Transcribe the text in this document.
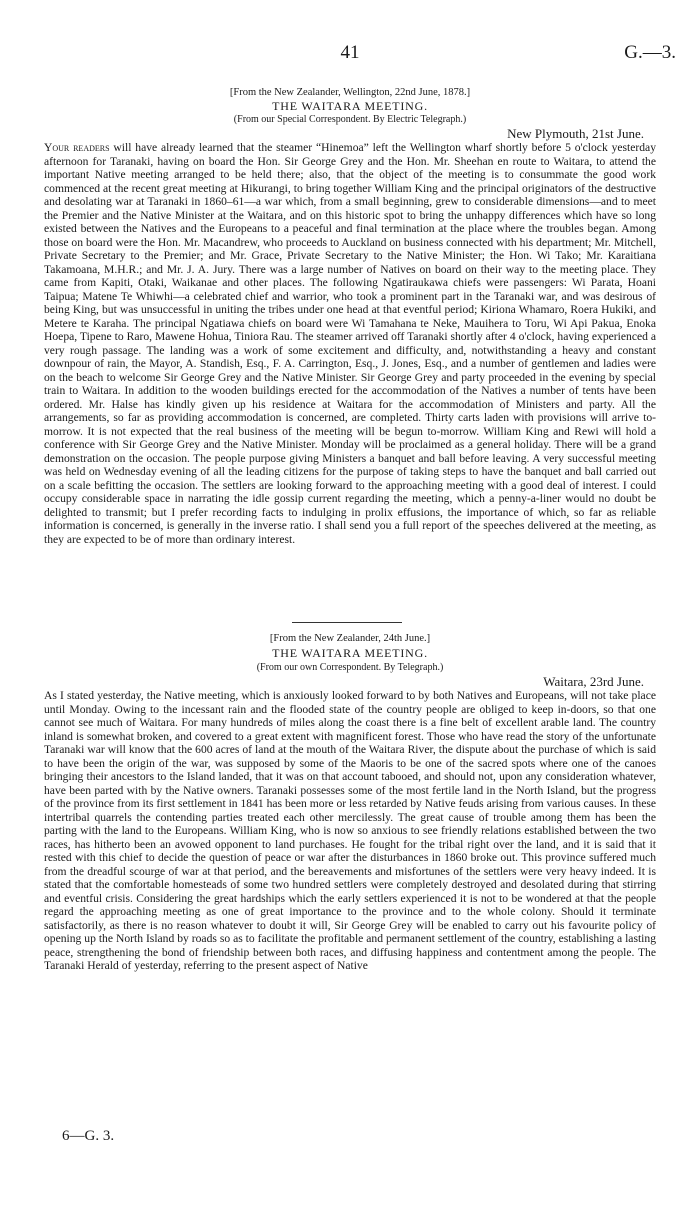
41	G.—3.
[From the New Zealander, Wellington, 22nd June, 1878.]
THE WAITARA MEETING.
(From our Special Correspondent. By Electric Telegraph.)
New Plymouth, 21st June.
Your readers will have already learned that the steamer “Hinemoa” left the Wellington wharf shortly before 5 o'clock yesterday afternoon for Taranaki, having on board the Hon. Sir George Grey and the Hon. Mr. Sheehan en route to Waitara, to attend the important Native meeting arranged to be held there; also, that the object of the meeting is to consummate the good work commenced at the recent great meeting at Hikurangi, to bring together William King and the principal originators of the destructive and desolating war at Taranaki in 1860–61—a war which, from a small beginning, grew to considerable dimensions—and to meet the Premier and the Native Minister at the Waitara, and on this historic spot to bring the unhappy differences which have so long existed between the Natives and the Europeans to a peaceful and final termination at the place where the troubles began. Among those on board were the Hon. Mr. Macandrew, who proceeds to Auckland on business connected with his department; Mr. Mitchell, Private Secretary to the Premier; and Mr. Grace, Private Secretary to the Native Minister; the Hon. Wi Tako; Mr. Karaitiana Takamoana, M.H.R.; and Mr. J. A. Jury. There was a large number of Natives on board on their way to the meeting place. They came from Kapiti, Otaki, Waikanae and other places. The following Ngatiraukawa chiefs were passengers: Wi Parata, Hoani Taipua; Matene Te Whiwhi—a celebrated chief and warrior, who took a prominent part in the Taranaki war, and was desirous of being King, but was unsuccessful in uniting the tribes under one head at that eventful period; Kiriona Whamaro, Roera Hukiki, and Metere te Karaha. The principal Ngatiawa chiefs on board were Wi Tamahana te Neke, Mauihera to Toru, Wi Api Pakua, Enoka Hoepa, Tipene to Raro, Mawene Hohua, Tiniora Rau. The steamer arrived off Taranaki shortly after 4 o'clock, having experienced a very rough passage. The landing was a work of some excitement and difficulty, and, notwithstanding a heavy and constant downpour of rain, the Mayor, A. Standish, Esq., F. A. Carrington, Esq., J. Jones, Esq., and a number of gentlemen and ladies were on the beach to welcome Sir George Grey and the Native Minister. Sir George Grey and party proceeded in the evening by special train to Waitara. In addition to the wooden buildings erected for the accommodation of the Natives a number of tents have been ordered. Mr. Halse has kindly given up his residence at Waitara for the accommodation of Ministers and party. All the arrangements, so far as providing accommodation is concerned, are completed. Thirty carts laden with provisions will arrive to-morrow. It is not expected that the real business of the meeting will be begun to-morrow. William King and Rewi will hold a conference with Sir George Grey and the Native Minister. Monday will be proclaimed as a general holiday. There will be a grand demonstration on the occasion. The people purpose giving Ministers a banquet and ball before leaving. A very successful meeting was held on Wednesday evening of all the leading citizens for the purpose of taking steps to have the banquet and ball carried out on a scale befitting the occasion. The settlers are looking forward to the approaching meeting with a good deal of interest. I could occupy considerable space in narrating the idle gossip current regarding the meeting, which a penny-a-liner would no doubt be delighted to transmit; but I prefer recording facts to indulging in prolix effusions, the importance of which, so far as reliable information is concerned, is generally in the inverse ratio. I shall send you a full report of the speeches delivered at the meeting, as they are expected to be of more than ordinary interest.
[From the New Zealander, 24th June.]
THE WAITARA MEETING.
(From our own Correspondent. By Telegraph.)
Waitara, 23rd June.
As I stated yesterday, the Native meeting, which is anxiously looked forward to by both Natives and Europeans, will not take place until Monday. Owing to the incessant rain and the flooded state of the country people are obliged to keep in-doors, so that one cannot see much of Waitara. For many hundreds of miles along the coast there is a fine belt of excellent arable land. The country inland is somewhat broken, and covered to a great extent with magnificent forest. Those who have read the story of the unfortunate Taranaki war will know that the 600 acres of land at the mouth of the Waitara River, the dispute about the purchase of which is said to have been the origin of the war, was supposed by some of the Maoris to be one of the sacred spots where one of the canoes bringing their ancestors to the Island landed, that it was on that account tabooed, and should not, upon any consideration whatever, have been parted with by the Native owners. Taranaki possesses some of the most fertile land in the North Island, but the progress of the province from its first settlement in 1841 has been more or less retarded by Native feuds arising from various causes. In these intertribal quarrels the contending parties treated each other mercilessly. The great cause of trouble among them has been the parting with the land to the Europeans. William King, who is now so anxious to see friendly relations established between the two races, has hitherto been an avowed opponent to land purchases. He fought for the tribal right over the land, and it is said that it rested with this chief to decide the question of peace or war after the disturbances in 1860 broke out. This province suffered much from the dreadful scourge of war at that period, and the bereavements and misfortunes of the settlers were very heavy indeed. It is stated that the comfortable homesteads of some two hundred settlers were completely destroyed and desolated during that stirring and eventful crisis. Considering the great hardships which the early settlers experienced it is not to be wondered at that the people regard the approaching meeting as one of great importance to the province and to the whole colony. Should it terminate satisfactorily, as there is no reason whatever to doubt it will, Sir George Grey will be enabled to carry out his favourite policy of opening up the North Island by roads so as to facilitate the profitable and permanent settlement of the country, establishing a lasting peace, strengthening the bond of friendship between both races, and diffusing happiness and contentment among the people. The Taranaki Herald of yesterday, referring to the present aspect of Native
6—G. 3.
